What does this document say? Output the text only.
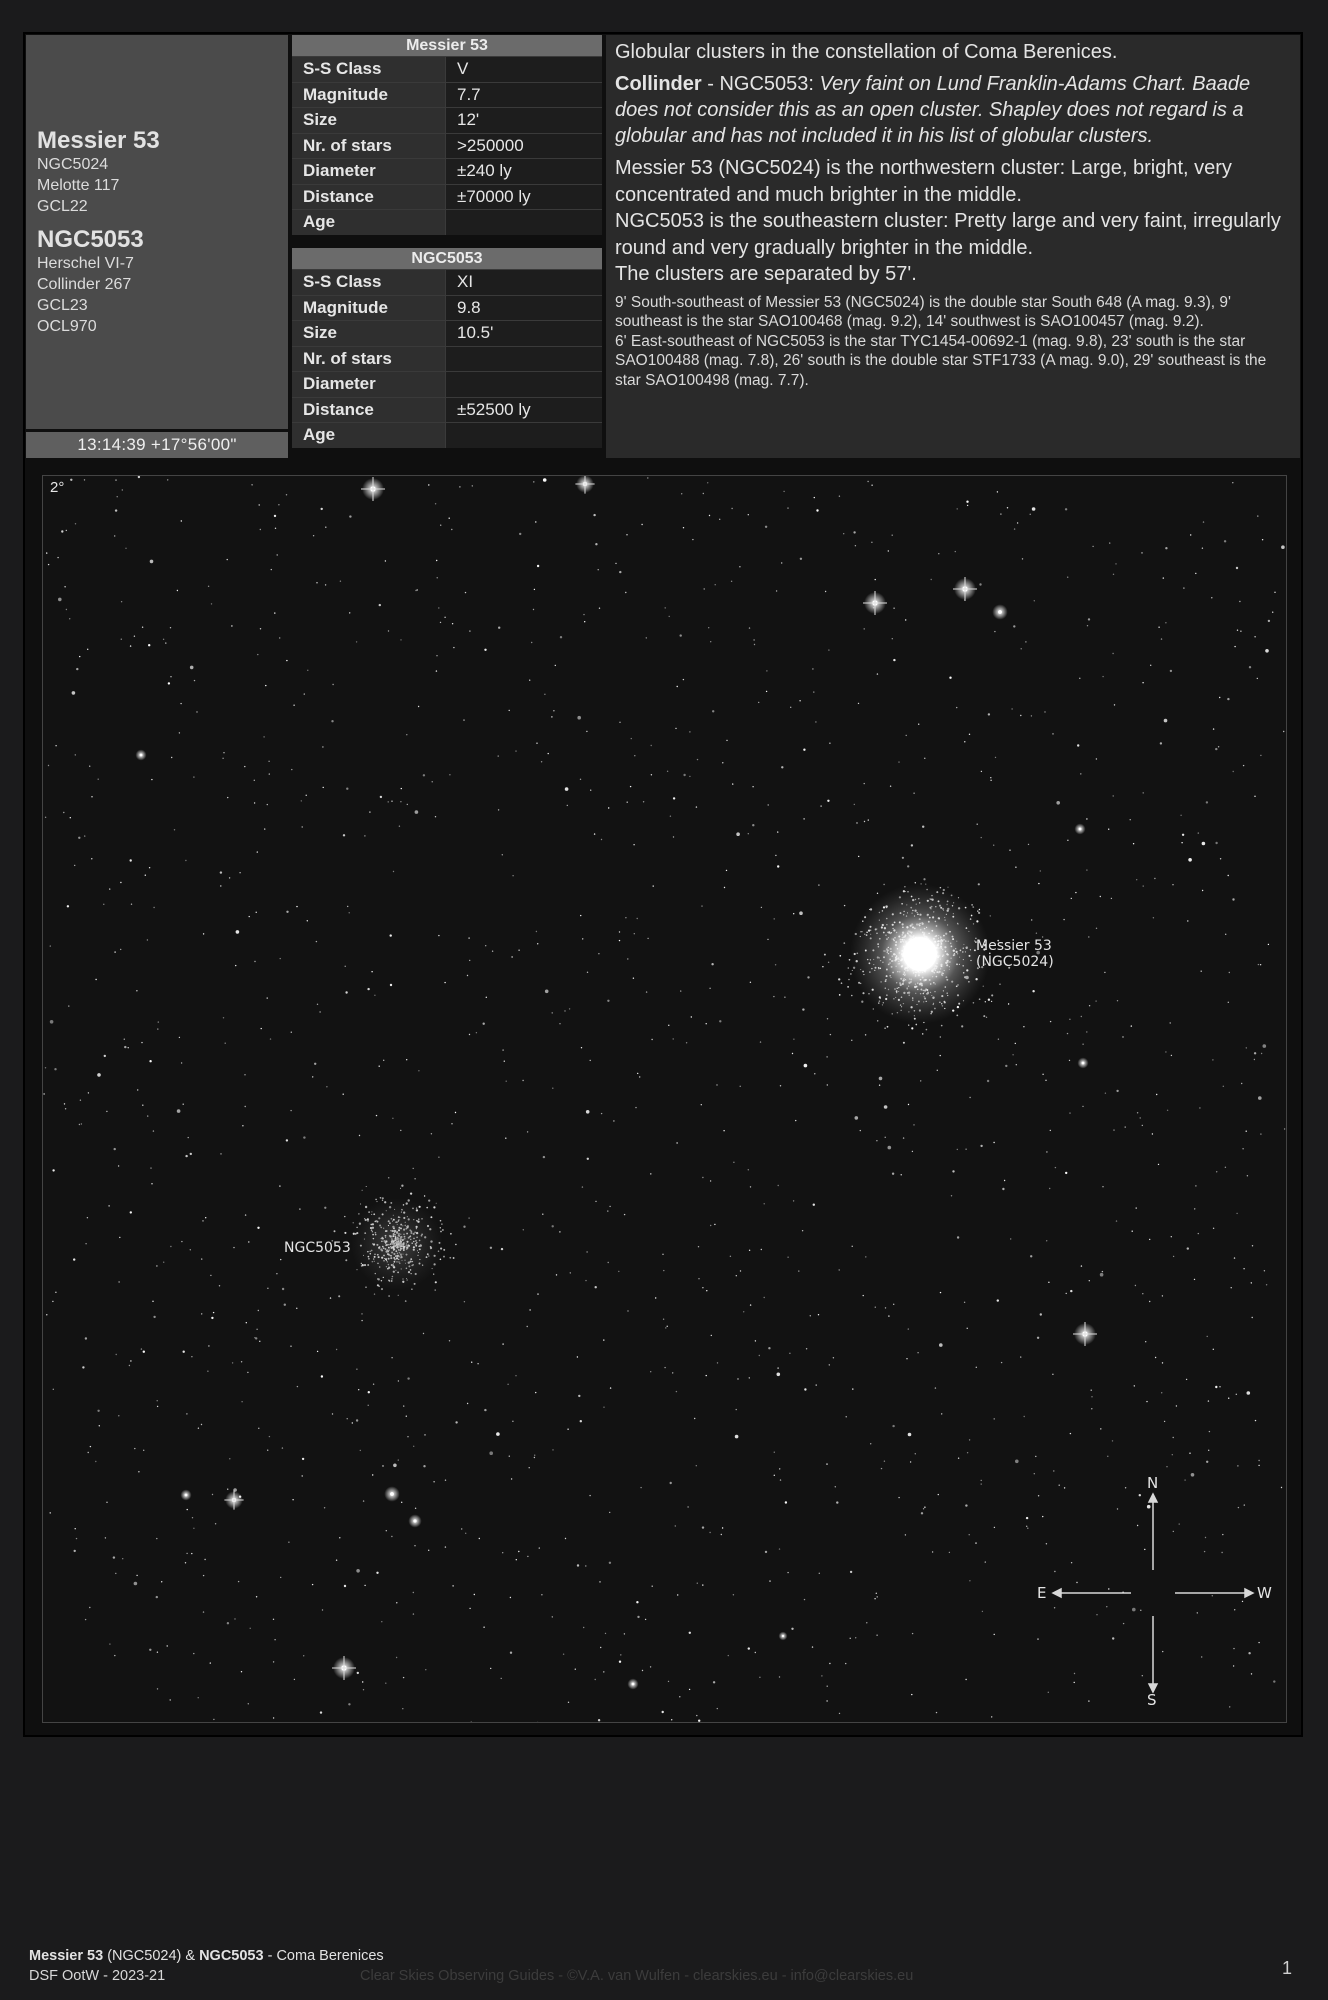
Messier 53
NGC5024
Melotte 117
GCL22
NGC5053
Herschel VI-7
Collinder 267
GCL23
OCL970
13:14:39 +17°56'00"
Messier 53
S-S Class	V
Magnitude	7.7
Size	12'
Nr. of stars	>250000
Diameter	±240 ly
Distance	±70000 ly
Age
NGC5053
S-S Class	XI
Magnitude	9.8
Size	10.5'
Nr. of stars
Diameter
Distance	±52500 ly
Age

Globular clusters in the constellation of Coma Berenices.

Collinder - NGC5053: Very faint on Lund Franklin-Adams Chart. Baade does not consider this as an open cluster. Shapley does not regard is a globular and has not included it in his list of globular clusters.

Messier 53 (NGC5024) is the northwestern cluster: Large, bright, very concentrated and much brighter in the middle.

NGC5053 is the southeastern cluster: Pretty large and very faint, irregularly round and very gradually brighter in the middle.

The clusters are separated by 57'.

9' South-southeast of Messier 53 (NGC5024) is the double star South 648 (A mag. 9.3), 9' southeast is the star SAO100468 (mag. 9.2), 14' southwest is SAO100457 (mag. 9.2).

6' East-southeast of NGC5053 is the star TYC1454-00692-1 (mag. 9.8), 23' south is the star SAO100488 (mag. 7.8), 26' south is the double star STF1733 (A mag. 9.0), 29' southeast is the star SAO100498 (mag. 7.7).

Messier 53
(NGC5024)
NGC5053
N
S
E	W
2°
Messier 53 (NGC5024) & NGC5053 - Coma Berenices
DSF OotW - 2023-21	Clear Skies Observing Guides - ©V.A. van Wulfen - clearskies.eu - info@clearskies.eu	1
